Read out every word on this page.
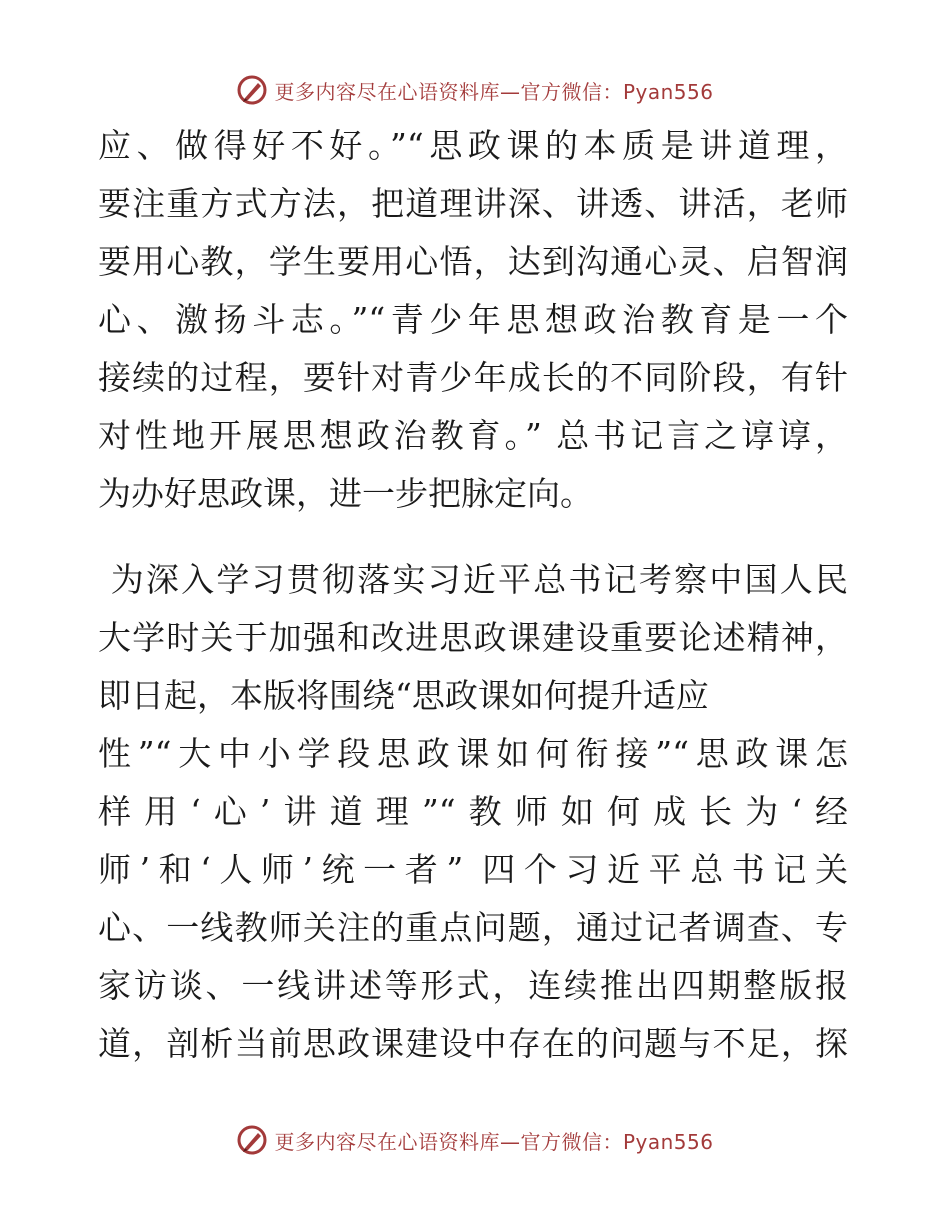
更多内容尽在心语资料库—官方微信：Pyan556
应、做得好不好。”“思政课的本质是讲道理，
要注重方式方法，把道理讲深、讲透、讲活，老师
要用心教，学生要用心悟，达到沟通心灵、启智润
心、激扬斗志。”“青少年思想政治教育是一个
接续的过程，要针对青少年成长的不同阶段，有针
对性地开展思想政治教育。” 总书记言之谆谆，
为办好思政课，进一步把脉定向。
为深入学习贯彻落实习近平总书记考察中国人民
大学时关于加强和改进思政课建设重要论述精神，
即日起，本版将围绕“思政课如何提升适应
性”“大中小学段思政课如何衔接”“思政课怎
样用‘心’讲道理”“教师如何成长为‘经
师’和‘人师’统一者” 四个习近平总书记关
心、一线教师关注的重点问题，通过记者调查、专
家访谈、一线讲述等形式，连续推出四期整版报
道，剖析当前思政课建设中存在的问题与不足，探
更多内容尽在心语资料库—官方微信：Pyan556
